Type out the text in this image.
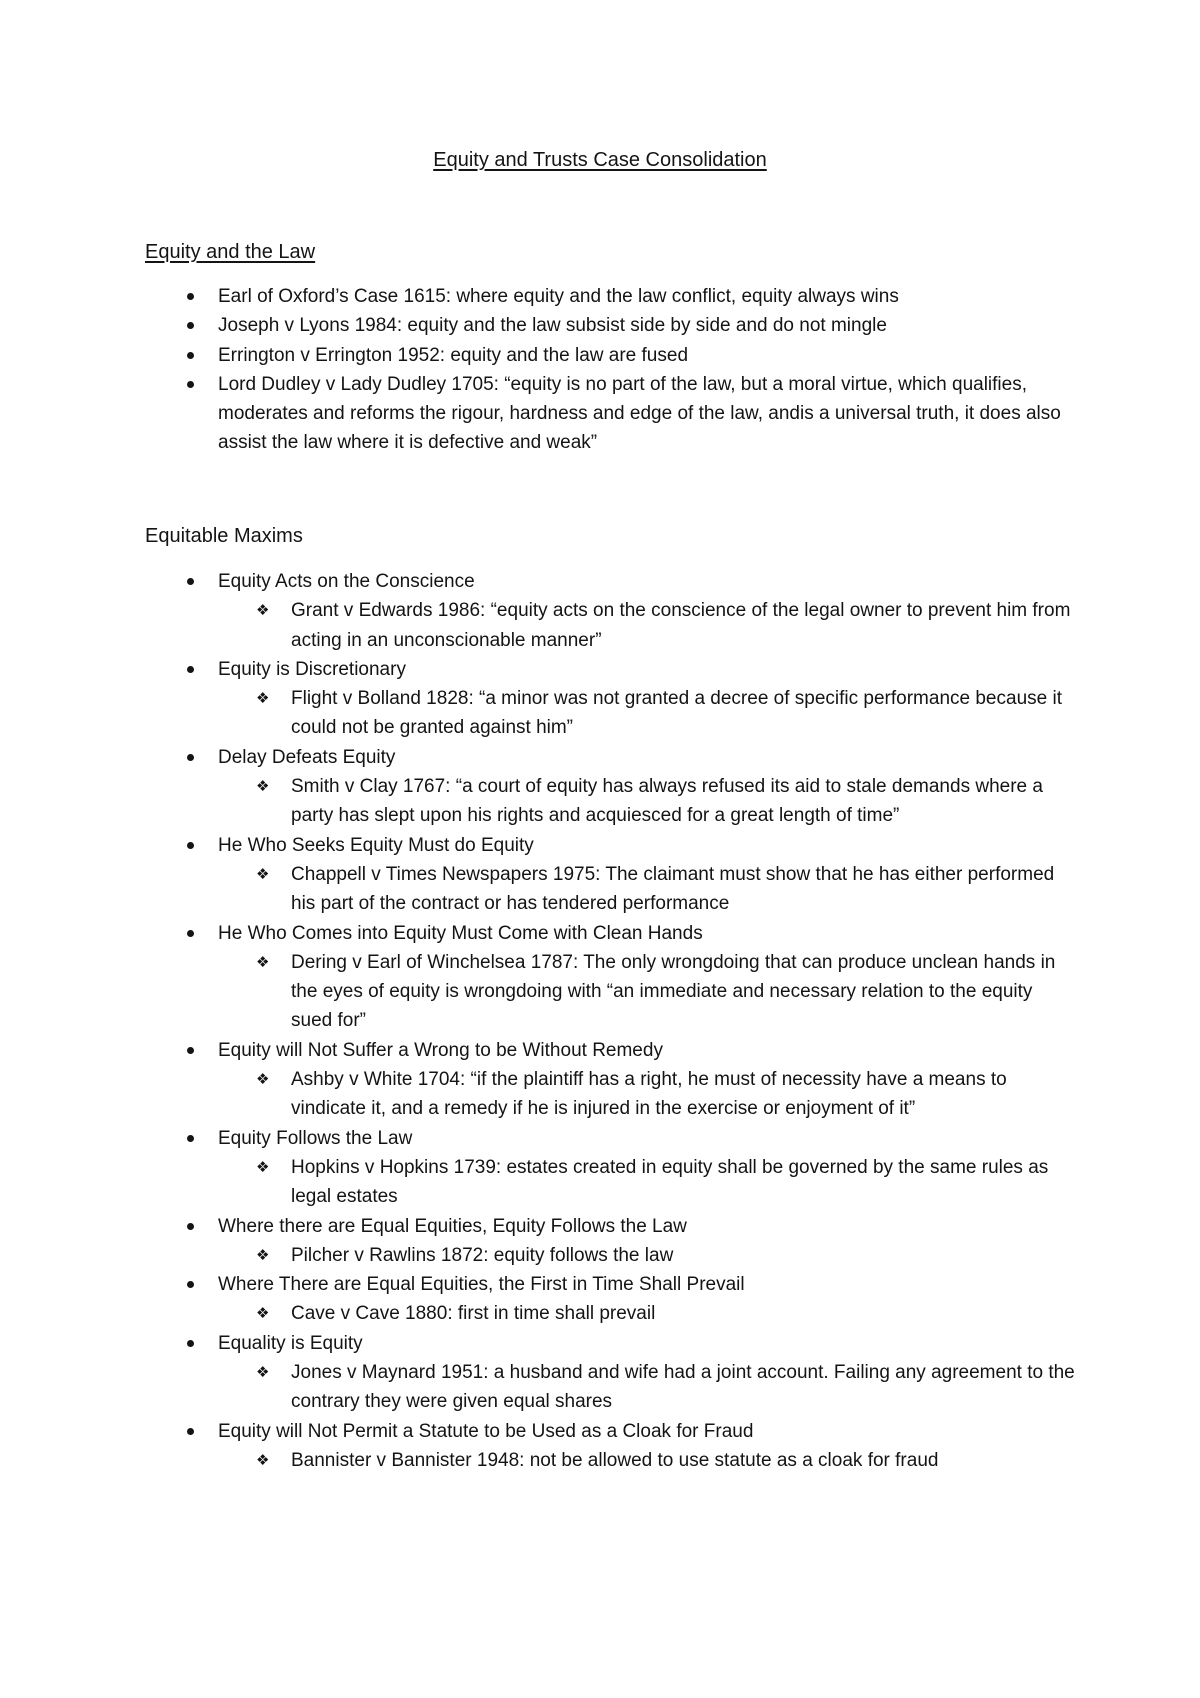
Equity and Trusts Case Consolidation
Equity and the Law
Earl of Oxford’s Case 1615: where equity and the law conflict, equity always wins
Joseph v Lyons 1984: equity and the law subsist side by side and do not mingle
Errington v Errington 1952: equity and the law are fused
Lord Dudley v Lady Dudley 1705: “equity is no part of the law, but a moral virtue, which qualifies, moderates and reforms the rigour, hardness and edge of the law, andis a universal truth, it does also assist the law where it is defective and weak”
Equitable Maxims
Equity Acts on the Conscience
❖ Grant v Edwards 1986: “equity acts on the conscience of the legal owner to prevent him from acting in an unconscionable manner”
Equity is Discretionary
❖ Flight v Bolland 1828: “a minor was not granted a decree of specific performance because it could not be granted against him”
Delay Defeats Equity
❖ Smith v Clay 1767: “a court of equity has always refused its aid to stale demands where a party has slept upon his rights and acquiesced for a great length of time”
He Who Seeks Equity Must do Equity
❖ Chappell v Times Newspapers 1975: The claimant must show that he has either performed his part of the contract or has tendered performance
He Who Comes into Equity Must Come with Clean Hands
❖ Dering v Earl of Winchelsea 1787: The only wrongdoing that can produce unclean hands in the eyes of equity is wrongdoing with “an immediate and necessary relation to the equity sued for”
Equity will Not Suffer a Wrong to be Without Remedy
❖ Ashby v White 1704: “if the plaintiff has a right, he must of necessity have a means to vindicate it, and a remedy if he is injured in the exercise or enjoyment of it”
Equity Follows the Law
❖ Hopkins v Hopkins 1739: estates created in equity shall be governed by the same rules as legal estates
Where there are Equal Equities, Equity Follows the Law
❖ Pilcher v Rawlins 1872: equity follows the law
Where There are Equal Equities, the First in Time Shall Prevail
❖ Cave v Cave 1880: first in time shall prevail
Equality is Equity
❖ Jones v Maynard 1951: a husband and wife had a joint account. Failing any agreement to the contrary they were given equal shares
Equity will Not Permit a Statute to be Used as a Cloak for Fraud
❖ Bannister v Bannister 1948: not be allowed to use statute as a cloak for fraud
